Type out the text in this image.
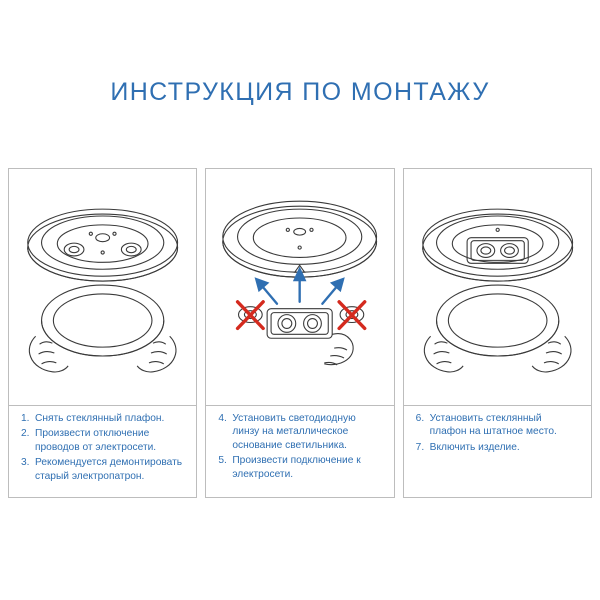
ИНСТРУКЦИЯ ПО МОНТАЖУ
1. Снять стеклянный плафон.
2. Произвести отключение проводов от электросети.
3. Рекомендуется демонтировать старый электропатрон.
4. Установить светодиодную линзу на металлическое основание светильника.
5. Произвести подключение к электросети.
6. Установить стеклянный плафон на штатное место.
7. Включить изделие.
